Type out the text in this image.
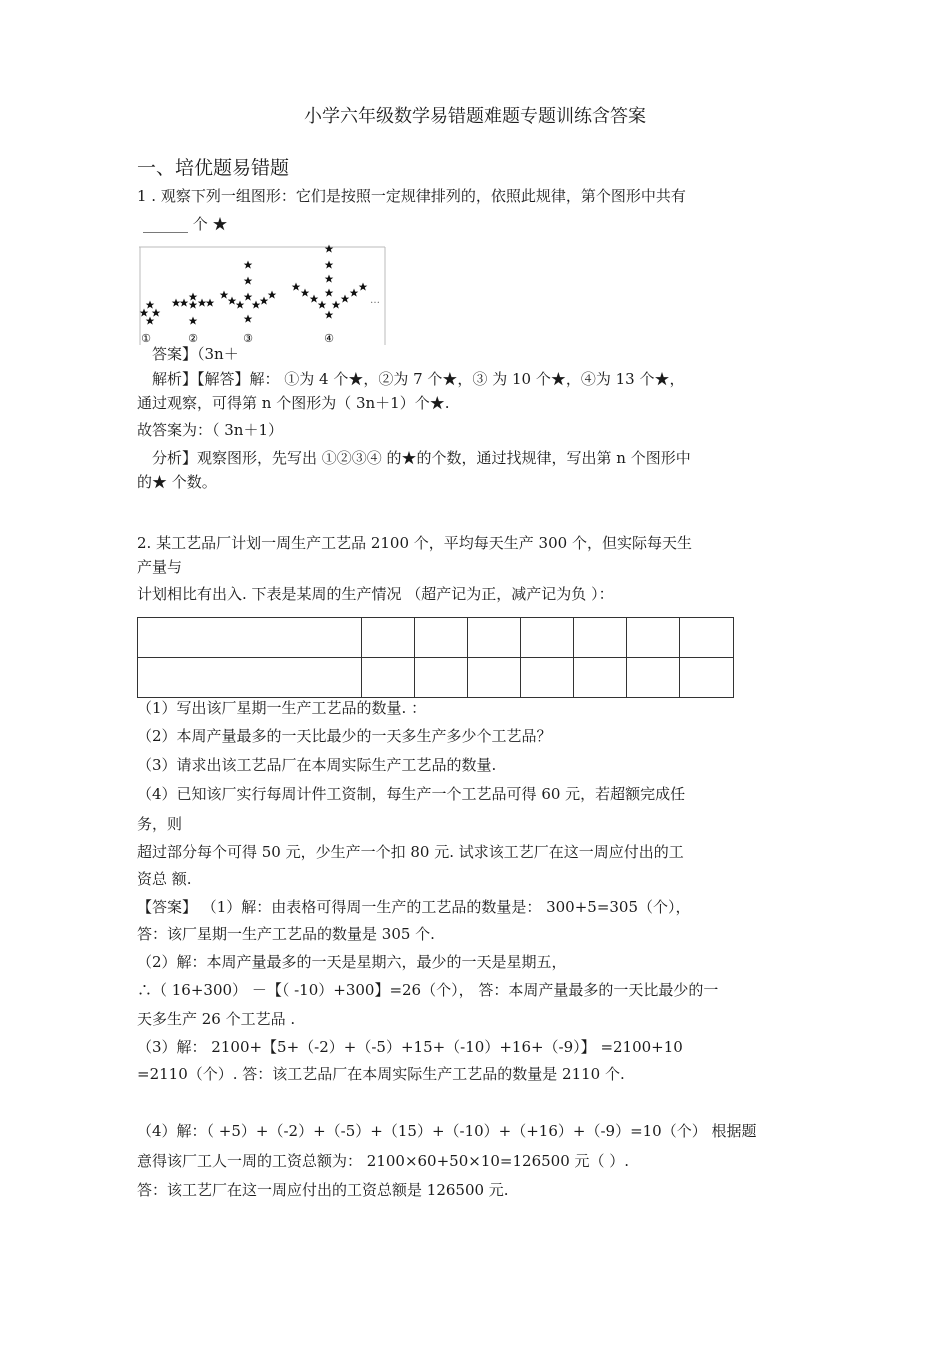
小学六年级数学易错题难题专题训练含答案
一、培优题易错题
1 . 观察下列一组图形：它们是按照一定规律排列的，依照此规律，第个图形中共有
______ 个 ★
①	②	③	④
…
答案】（3n＋
解析】【解答】解： ①为 4 个★，②为 7 个★，③ 为 10 个★，④为 13 个★，
通过观察，可得第 n 个图形为（ 3n＋1）个★.
故答案为：（ 3n＋1）
分析】观察图形，先写出 ①②③④ 的★的个数，通过找规律，写出第 n 个图形中
的★ 个数。
2. 某工艺品厂计划一周生产工艺品 2100 个，平均每天生产 300 个，但实际每天生
产量与
计划相比有出入. 下表是某周的生产情况 （超产记为正，减产记为负 ）：

（1）写出该厂星期一生产工艺品的数量. ：
（2）本周产量最多的一天比最少的一天多生产多少个工艺品？
（3）请求出该工艺品厂在本周实际生产工艺品的数量.
（4）已知该厂实行每周计件工资制，每生产一个工艺品可得 60 元，若超额完成任
务，则
超过部分每个可得 50 元，少生产一个扣 80 元. 试求该工艺厂在这一周应付出的工
资总 额.
【答案】 （1）解：由表格可得周一生产的工艺品的数量是： 300+5=305（个），
答：该厂星期一生产工艺品的数量是 305 个.
（2）解：本周产量最多的一天是星期六，最少的一天是星期五，
∴（ 16+300） －【（ -10）+300】=26（个）， 答：本周产量最多的一天比最少的一
天多生产 26 个工艺品 .
（3）解： 2100+【5+（-2）+（-5）+15+（-10）+16+（-9）】 =2100+10
=2110（个）. 答：该工艺品厂在本周实际生产工艺品的数量是 2110 个.
（4）解：（ +5）+（-2）+（-5）+（15）+（-10）+（+16）+（-9）=10（个） 根据题
意得该厂工人一周的工资总额为： 2100×60+50×10=126500 元（ ）.
答：该工艺厂在这一周应付出的工资总额是 126500 元.
